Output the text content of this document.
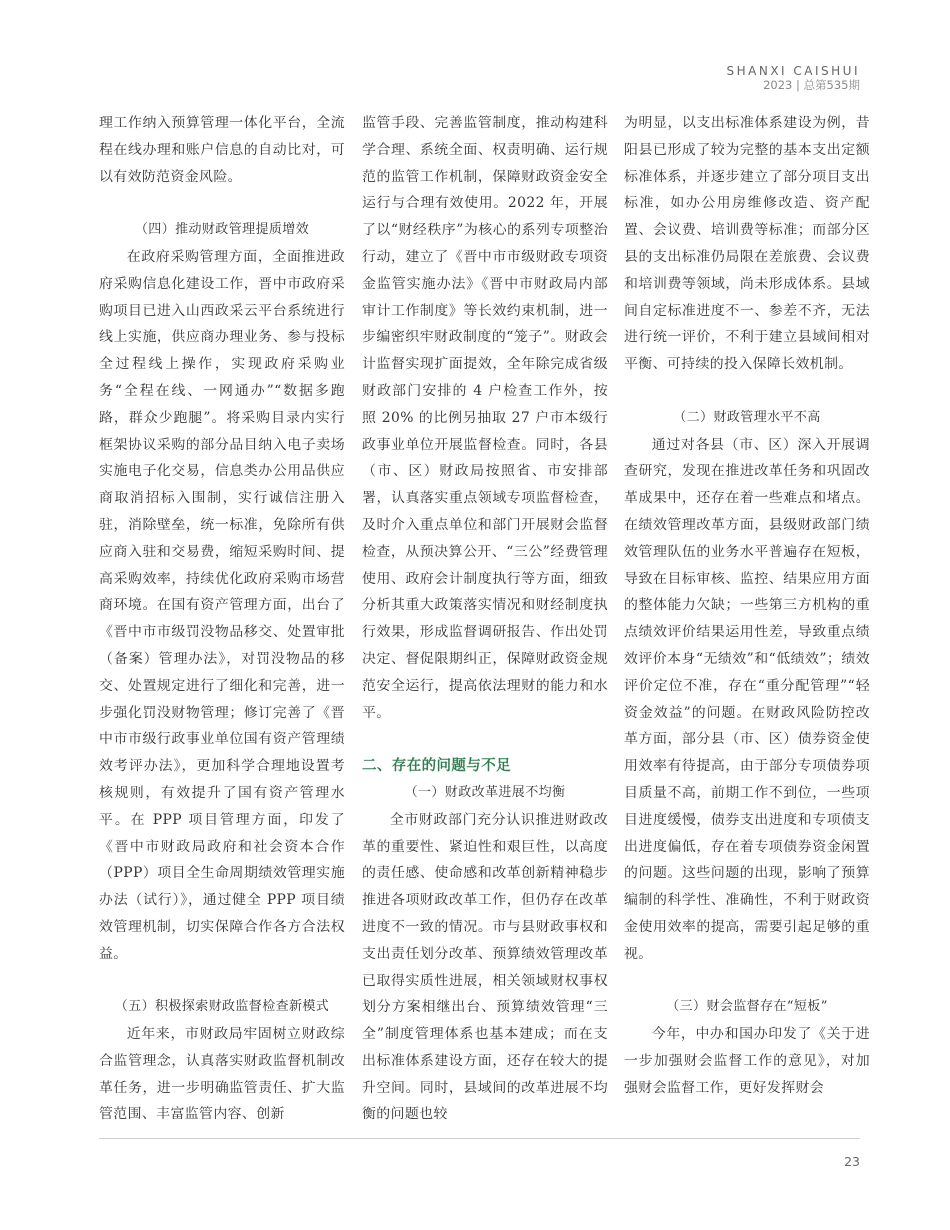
SHANXI CAISHUI
2023 | 总第535期

理工作纳入预算管理一体化平台，全流程在线办理和账户信息的自动比对，可以有效防范资金风险。

（四）推动财政管理提质增效

在政府采购管理方面，全面推进政府采购信息化建设工作，晋中市政府采购项目已进入山西政采云平台系统进行线上实施，供应商办理业务、参与投标全过程线上操作，实现政府采购业务“全程在线、一网通办”“数据多跑路，群众少跑腿”。将采购目录内实行框架协议采购的部分品目纳入电子卖场实施电子化交易，信息类办公用品供应商取消招标入围制，实行诚信注册入驻，消除壁垒，统一标准，免除所有供应商入驻和交易费，缩短采购时间、提高采购效率，持续优化政府采购市场营商环境。在国有资产管理方面，出台了《晋中市市级罚没物品移交、处置审批（备案）管理办法》，对罚没物品的移交、处置规定进行了细化和完善，进一步强化罚没财物管理；修订完善了《晋中市市级行政事业单位国有资产管理绩效考评办法》，更加科学合理地设置考核规则，有效提升了国有资产管理水平。在 PPP 项目管理方面，印发了《晋中市财政局政府和社会资本合作（PPP）项目全生命周期绩效管理实施办法（试行）》，通过健全 PPP 项目绩效管理机制，切实保障合作各方合法权益。

（五）积极探索财政监督检查新模式

近年来，市财政局牢固树立财政综合监管理念，认真落实财政监督机制改革任务，进一步明确监管责任、扩大监管范围、丰富监管内容、创新

监管手段、完善监管制度，推动构建科学合理、系统全面、权责明确、运行规范的监管工作机制，保障财政资金安全运行与合理有效使用。2022 年，开展了以“财经秩序”为核心的系列专项整治行动，建立了《晋中市市级财政专项资金监管实施办法》《晋中市财政局内部审计工作制度》等长效约束机制，进一步编密织牢财政制度的“笼子”。财政会计监督实现扩面提效，全年除完成省级财政部门安排的 4 户检查工作外，按照 20% 的比例另抽取 27 户市本级行政事业单位开展监督检查。同时，各县（市、区）财政局按照省、市安排部署，认真落实重点领域专项监督检查，及时介入重点单位和部门开展财会监督检查，从预决算公开、“三公”经费管理使用、政府会计制度执行等方面，细致分析其重大政策落实情况和财经制度执行效果，形成监督调研报告、作出处罚决定、督促限期纠正，保障财政资金规范安全运行，提高依法理财的能力和水平。

二、存在的问题与不足

（一）财政改革进展不均衡

全市财政部门充分认识推进财政改革的重要性、紧迫性和艰巨性，以高度的责任感、使命感和改革创新精神稳步推进各项财政改革工作，但仍存在改革进度不一致的情况。市与县财政事权和支出责任划分改革、预算绩效管理改革已取得实质性进展，相关领域财权事权划分方案相继出台、预算绩效管理“三全”制度管理体系也基本建成；而在支出标准体系建设方面，还存在较大的提升空间。同时，县域间的改革进展不均衡的问题也较

为明显，以支出标准体系建设为例，昔阳县已形成了较为完整的基本支出定额标准体系，并逐步建立了部分项目支出标准，如办公用房维修改造、资产配置、会议费、培训费等标准；而部分区县的支出标准仍局限在差旅费、会议费和培训费等领域，尚未形成体系。县域间自定标准进度不一、参差不齐，无法进行统一评价，不利于建立县域间相对平衡、可持续的投入保障长效机制。

（二）财政管理水平不高

通过对各县（市、区）深入开展调查研究，发现在推进改革任务和巩固改革成果中，还存在着一些难点和堵点。在绩效管理改革方面，县级财政部门绩效管理队伍的业务水平普遍存在短板，导致在目标审核、监控、结果应用方面的整体能力欠缺；一些第三方机构的重点绩效评价结果运用性差，导致重点绩效评价本身“无绩效”和“低绩效”；绩效评价定位不准，存在“重分配管理”“轻资金效益”的问题。在财政风险防控改革方面，部分县（市、区）债券资金使用效率有待提高，由于部分专项债券项目质量不高，前期工作不到位，一些项目进度缓慢，债券支出进度和专项债支出进度偏低，存在着专项债券资金闲置的问题。这些问题的出现，影响了预算编制的科学性、准确性，不利于财政资金使用效率的提高，需要引起足够的重视。

（三）财会监督存在“短板”

今年，中办和国办印发了《关于进一步加强财会监督工作的意见》，对加强财会监督工作，更好发挥财会

23
